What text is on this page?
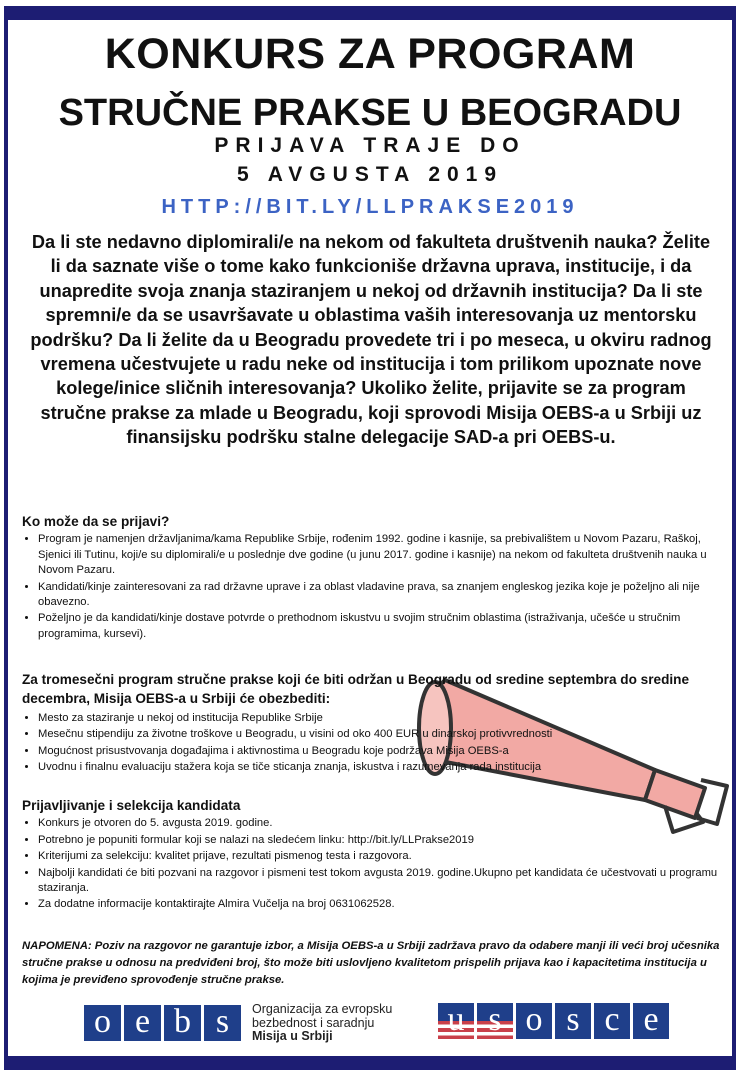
KONKURS ZA PROGRAM
STRUČNE PRAKSE U BEOGRADU
PRIJAVA TRAJE DO
5 AVGUSTA 2019
HTTP://BIT.LY/LLPRAKSE2019
Da li ste nedavno diplomirali/e na nekom od fakulteta društvenih nauka? Želite li da saznate više o tome kako funkcioniše državna uprava, institucije, i da unapredite svoja znanja staziranjem u nekoj od državnih institucija? Da li ste spremni/e da se usavršavate u oblastima vaših interesovanja uz mentorsku podršku? Da li želite da u Beogradu provedete tri i po meseca, u okviru radnog vremena učestvujete u radu neke od institucija i tom prilikom upoznate nove kolege/inice sličnih interesovanja? Ukoliko želite, prijavite se za program stručne prakse za mlade u Beogradu, koji sprovodi Misija OEBS-a u Srbiji uz finansijsku podršku stalne delegacije SAD-a pri OEBS-u.
Ko može da se prijavi?
• Program je namenjen državljanima/kama Republike Srbije, rođenim 1992. godine i kasnije, sa prebivalištem u Novom Pazaru, Raškoj, Sjenici ili Tutinu, koji/e su diplomirali/e u poslednje dve godine (u junu 2017. godine i kasnije) na nekom od fakulteta društvenih nauka u Novom Pazaru.
• Kandidati/kinje zainteresovani za rad državne uprave i za oblast vladavine prava, sa znanjem engleskog jezika koje je poželjno ali nije obavezno.
• Poželjno je da kandidati/kinje dostave potvrde o prethodnom iskustvu u svojim stručnim oblastima (istraživanja, učešće u stručnim programima, kursevi).
Za tromesečni program stručne prakse koji će biti održan u Beogradu od sredine septembra do sredine decembra, Misija OEBS-a u Srbiji će obezbediti:
• Mesto za staziranje u nekoj od institucija Republike Srbije
• Mesečnu stipendiju za životne troškove u Beogradu, u visini od oko 400 EUR u dinarskoj protivvrednosti
• Mogućnost prisustvovanja događajima i aktivnostima u Beogradu koje podržava Misija OEBS-a
• Uvodnu i finalnu evaluaciju stažera koja se tiče sticanja znanja, iskustva i razumevanja rada institucija
Prijavljivanje i selekcija kandidata
• Konkurs je otvoren do 5. avgusta 2019. godine.
• Potrebno je popuniti formular koji se nalazi na sledećem linku: http://bit.ly/LLPrakse2019
• Kriterijumi za selekciju: kvalitet prijave, rezultati pismenog testa i razgovora.
• Najbolji kandidati će biti pozvani na razgovor i pismeni test tokom avgusta 2019. godine.Ukupno pet kandidata će učestvovati u programu staziranja.
• Za dodatne informacije kontaktirajte Almira Vučelja na broj 0631062528.
NAPOMENA: Poziv na razgovor ne garantuje izbor, a Misija OEBS-a u Srbiji zadržava pravo da odabere manji ili veći broj učesnika stručne prakse u odnosu na predviđeni broj, što može biti uslovljeno kvalitetom prispelih prijava kao i kapacitetima institucija u kojima je previđeno sprovođenje stručne prakse.
o e b s	Organizacija za evropsku
bezbednost i saradnju
Misija u Srbiji	u s o s c e
